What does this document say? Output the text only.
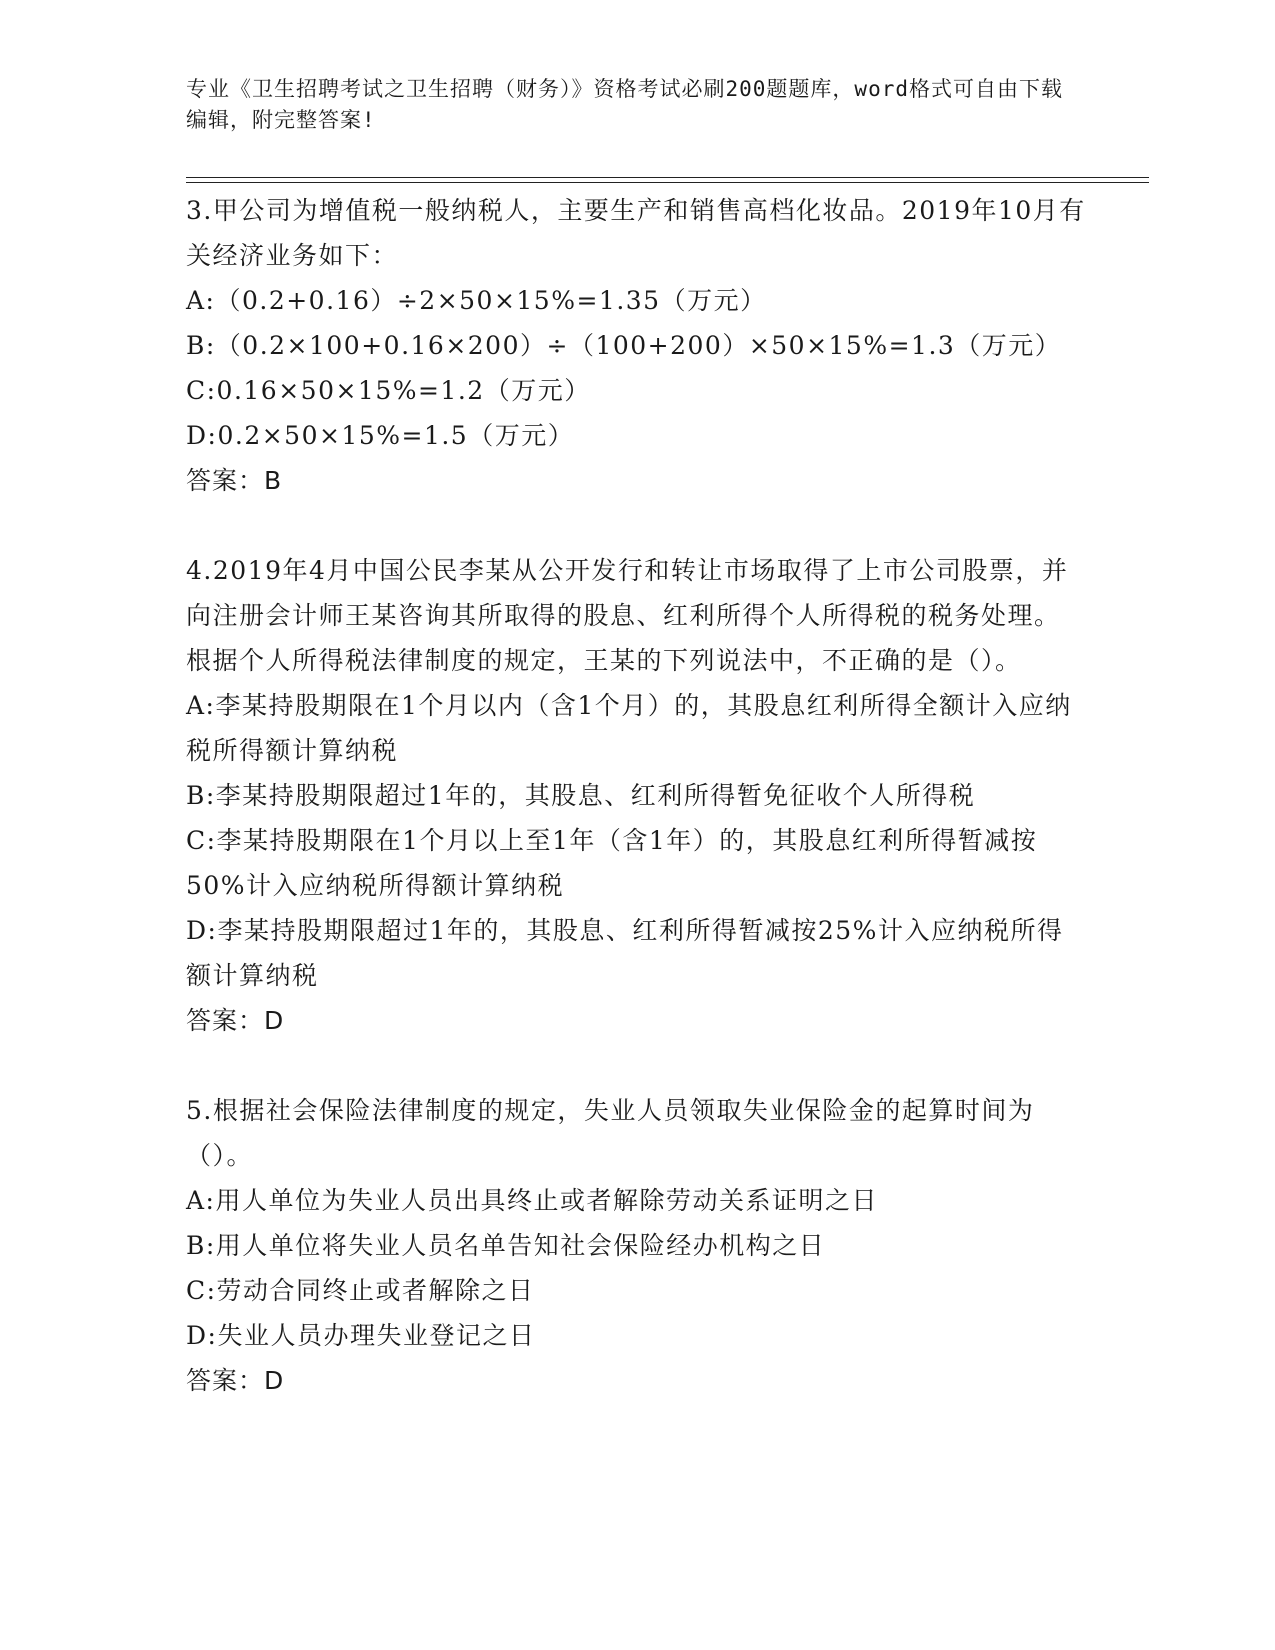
专业《卫生招聘考试之卫生招聘（财务）》资格考试必刷200题题库，word格式可自由下载编辑，附完整答案!

3.甲公司为增值税一般纳税人，主要生产和销售高档化妆品。2019年10月有关经济业务如下：

A:（0.2+0.16）÷2×50×15%=1.35（万元）

B:（0.2×100+0.16×200）÷（100+200）×50×15%=1.3（万元）

C:0.16×50×15%=1.2（万元）

D:0.2×50×15%=1.5（万元）

答案：B

4.2019年4月中国公民李某从公开发行和转让市场取得了上市公司股票，并向注册会计师王某咨询其所取得的股息、红利所得个人所得税的税务处理。根据个人所得税法律制度的规定，王某的下列说法中，不正确的是（）。

A:李某持股期限在1个月以内（含1个月）的，其股息红利所得全额计入应纳税所得额计算纳税

B:李某持股期限超过1年的，其股息、红利所得暂免征收个人所得税

C:李某持股期限在1个月以上至1年（含1年）的，其股息红利所得暂减按50%计入应纳税所得额计算纳税

D:李某持股期限超过1年的，其股息、红利所得暂减按25%计入应纳税所得额计算纳税

答案：D

5.根据社会保险法律制度的规定，失业人员领取失业保险金的起算时间为（）。

A:用人单位为失业人员出具终止或者解除劳动关系证明之日

B:用人单位将失业人员名单告知社会保险经办机构之日

C:劳动合同终止或者解除之日

D:失业人员办理失业登记之日

答案：D
